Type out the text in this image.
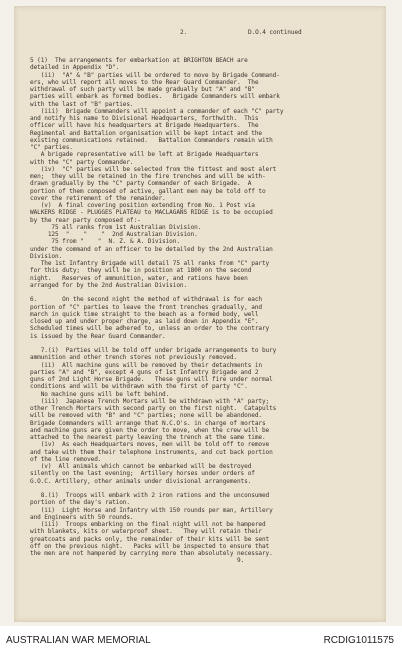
2.

	D.O.4 continued

5 (1)  The arrangements for embarkation at BRIGHTON BEACH are
detailed in Appendix "D".
(ii)  "A" & "B" parties will be ordered to move by Brigade Command-
ers, who will report all moves to the Rear Guard Commander.  The
withdrawal of such party will be made gradually but "A" and "B"
parties will embark as formed bodies.   Brigade Commanders will embark
with the last of "B" parties.
(iii)  Brigade Commanders will appoint a commander of each "C" party
and notify his name to Divisional Headquarters, forthwith.  This
officer will have his headquarters at Brigade Headquarters.  The
Regimental and Battalion organisation will be kept intact and the
existing communications retained.   Battalion Commanders remain with
"C" parties.
A brigade representative will be left at Brigade Headquarters
with the "C" party Commander.
(iv)  "C" parties will be selected from the fittest and most alert
men;  they will be retained in the fire trenches and will be with-
drawn gradually by the "C" party Commander of each Brigade.  A
portion of them composed of active, gallant men may be told off to
cover the retirement of the remainder.
(v)  A final covering position extending from No. 1 Post via
WALKERS RIDGE - PLUGGES PLATEAU to MACLAGANS RIDGE is to be occupied
by the rear party composed of:-
75 all ranks from 1st Australian Division.
125  "    "    "  2nd Australian Division.
75 from "    "  N. Z. & A. Division.
under the command of an officer to be detailed by the 2nd Australian
Division.
The 1st Infantry Brigade will detail 75 all ranks from "C" party
for this duty;  they will be in position at 1800 on the second
night.   Reserves of ammunition, water, and rations have been
arranged for by the 2nd Australian Division.
6.       On the second night the method of withdrawal is for each
portion of "C" parties to leave the front trenches gradually, and
march in quick time straight to the beach as a formed body, well
closed up and under proper charge, as laid down in Appendix "E".
Scheduled times will be adhered to, unless an order to the contrary
is issued by the Rear Guard Commander.
7.(i)  Parties will be told off under brigade arrangements to bury
ammunition and other trench stores not previously removed.
(ii)  All machine guns will be removed by their detachments in
parties "A" and "B", except 4 guns of 1st Infantry Brigade and 2
guns of 2nd Light Horse Brigade.   These guns will fire under normal
conditions and will be withdrawn with the first of party "C".
No machine guns will be left behind.
(iii)  Japanese Trench Mortars will be withdrawn with "A" party;
other Trench Mortars with second party on the first night.  Catapults
will be removed with "B" and "C" parties; none will be abandoned.
Brigade Commanders will arrange that N.C.O's. in charge of mortars
and machine guns are given the order to move, when the crew will be
attached to the nearest party leaving the trench at the same time.
(iv)  As each Headquarters moves, men will be told off to remove
and take with them their telephone instruments, and cut back portion
of the line removed.
(v)  All animals which cannot be embarked will be destroyed
silently on the last evening;  Artillery horses under orders of
G.O.C. Artillery, other animals under divisional arrangements.
8.(i)  Troops will embark with 2 iron rations and the unconsumed
portion of the day's ration.
(ii)  Light Horse and Infantry with 150 rounds per man, Artillery
and Engineers with 50 rounds.
(iii)  Troops embarking on the final night will not be hampered
with blankets, kits or waterproof sheet.   They will retain their
greatcoats and packs only, the remainder of their kits will be sent
off on the previous night.   Packs will be inspected to ensure that
the men are not hampered by carrying more than absolutely necessary.
9.

AUSTRALIAN WAR MEMORIAL	RCDIG1011575
